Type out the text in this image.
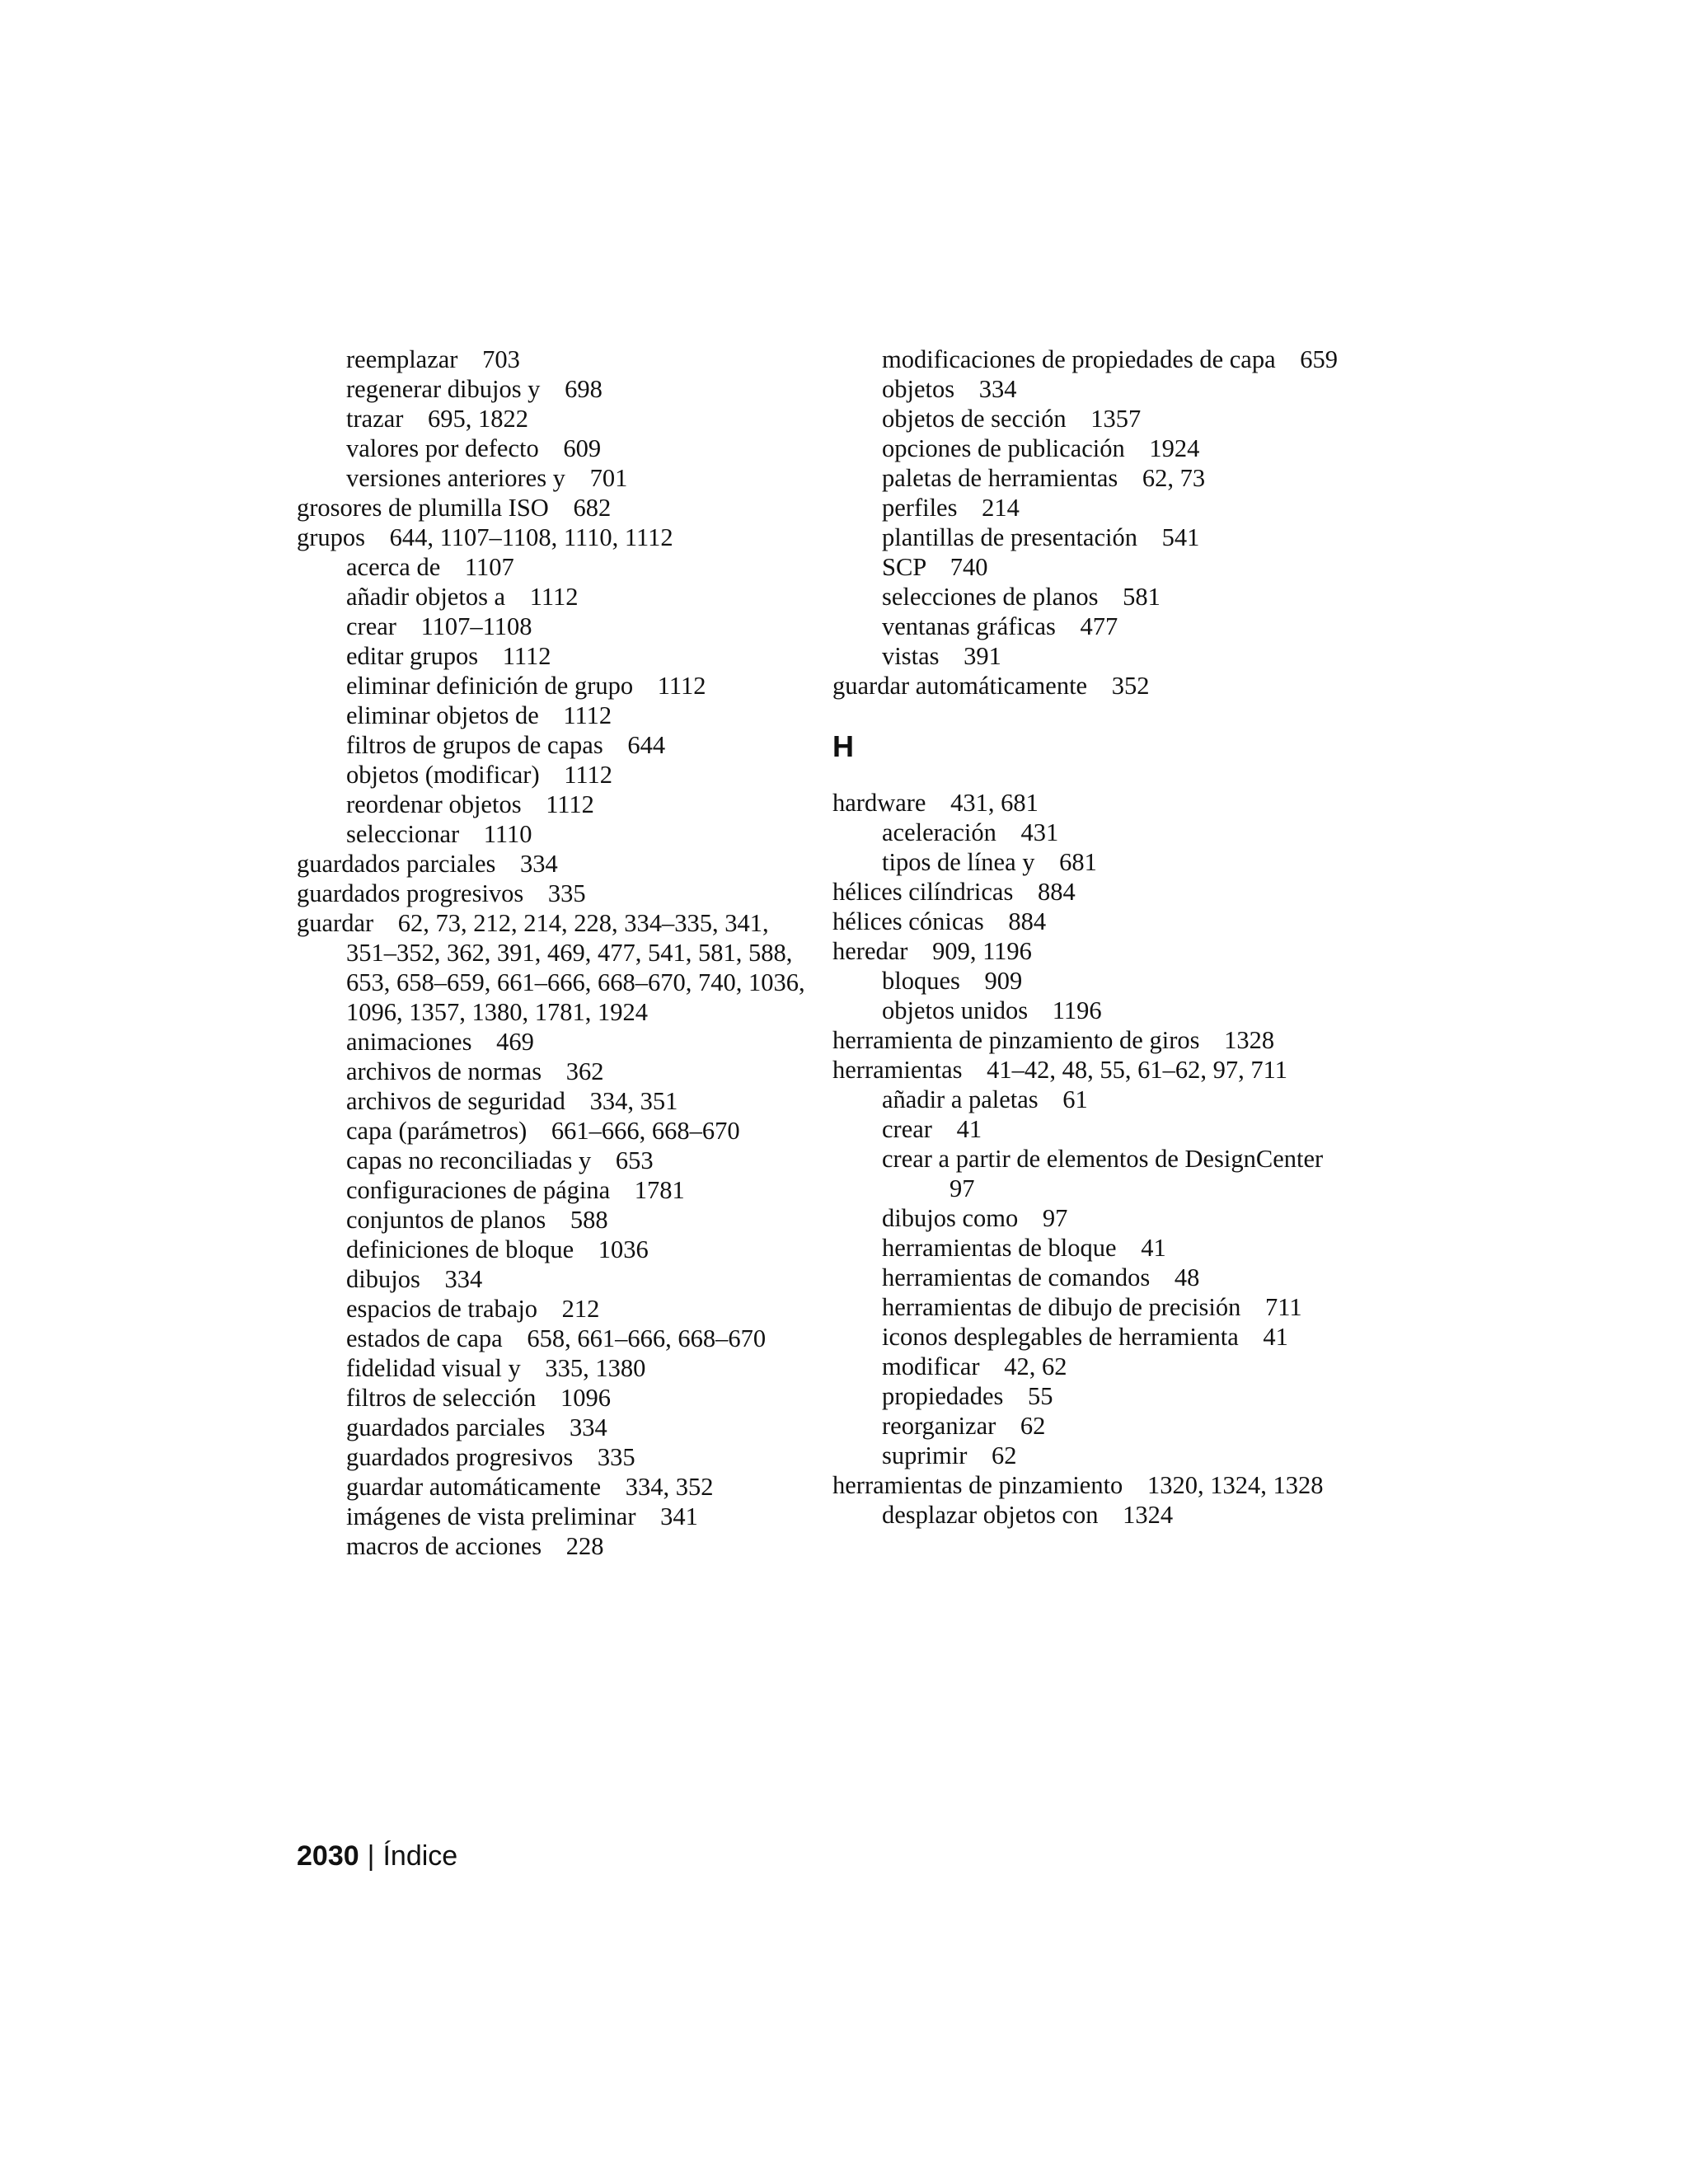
reemplazar 703

regenerar dibujos y 698

trazar 695, 1822

valores por defecto 609

versiones anteriores y 701

grosores de plumilla ISO 682

grupos 644, 1107–1108, 1110, 1112

acerca de 1107

añadir objetos a 1112

crear 1107–1108

editar grupos 1112

eliminar definición de grupo 1112

eliminar objetos de 1112

filtros de grupos de capas 644

objetos (modificar) 1112

reordenar objetos 1112

seleccionar 1110

guardados parciales 334

guardados progresivos 335

guardar 62, 73, 212, 214, 228, 334–335, 341, 351–352, 362, 391, 469, 477, 541, 581, 588, 653, 658–659, 661–666, 668–670, 740, 1036, 1096, 1357, 1380, 1781, 1924

animaciones 469

archivos de normas 362

archivos de seguridad 334, 351

capa (parámetros) 661–666, 668–670

capas no reconciliadas y 653

configuraciones de página 1781

conjuntos de planos 588

definiciones de bloque 1036

dibujos 334

espacios de trabajo 212

estados de capa 658, 661–666, 668–670

fidelidad visual y 335, 1380

filtros de selección 1096

guardados parciales 334

guardados progresivos 335

guardar automáticamente 334, 352

imágenes de vista preliminar 341

macros de acciones 228

modificaciones de propiedades de capa 659

objetos 334

objetos de sección 1357

opciones de publicación 1924

paletas de herramientas 62, 73

perfiles 214

plantillas de presentación 541

SCP 740

selecciones de planos 581

ventanas gráficas 477

vistas 391

guardar automáticamente 352

H

hardware 431, 681

aceleración 431

tipos de línea y 681

hélices cilíndricas 884

hélices cónicas 884

heredar 909, 1196

bloques 909

objetos unidos 1196

herramienta de pinzamiento de giros 1328

herramientas 41–42, 48, 55, 61–62, 97, 711

añadir a paletas 61

crear 41

crear a partir de elementos de DesignCenter 97

dibujos como 97

herramientas de bloque 41

herramientas de comandos 48

herramientas de dibujo de precisión 711

iconos desplegables de herramienta 41

modificar 42, 62

propiedades 55

reorganizar 62

suprimir 62

herramientas de pinzamiento 1320, 1324, 1328

desplazar objetos con 1324

2030 | Índice
